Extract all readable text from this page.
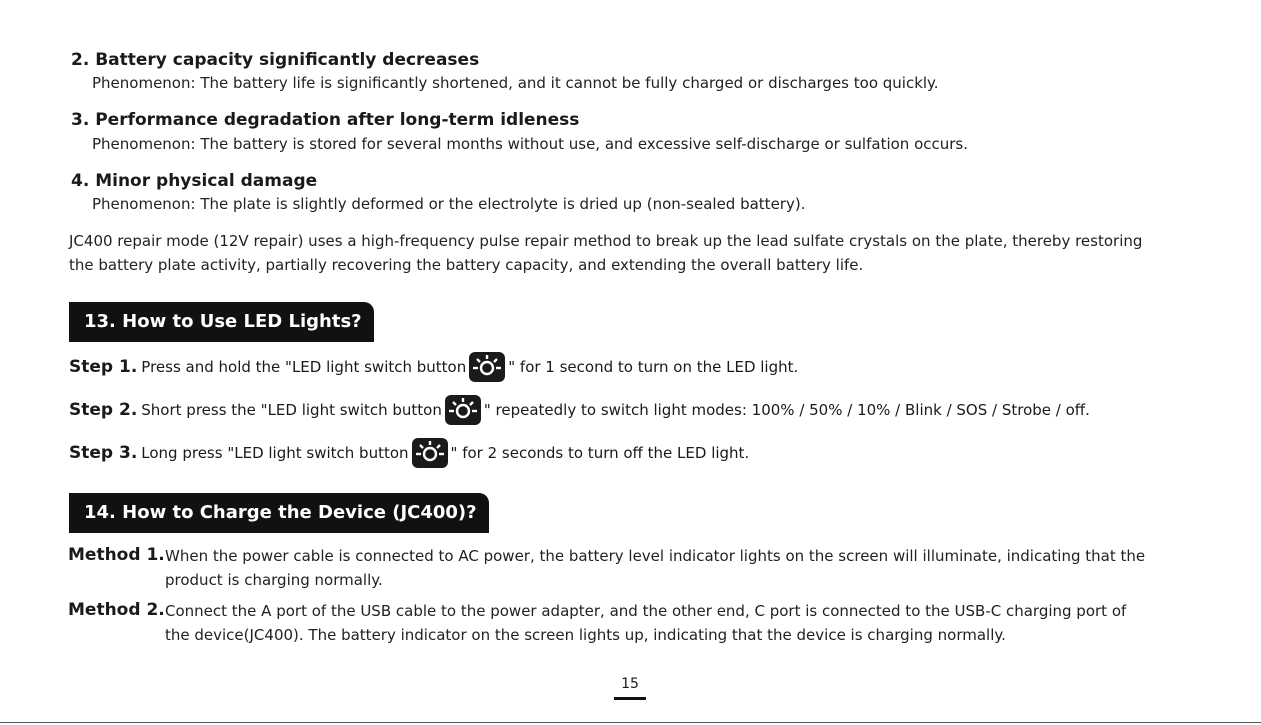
2. Battery capacity significantly decreases
Phenomenon: The battery life is significantly shortened, and it cannot be fully charged or discharges too quickly.
3. Performance degradation after long-term idleness
Phenomenon: The battery is stored for several months without use, and excessive self-discharge or sulfation occurs.
4. Minor physical damage
Phenomenon: The plate is slightly deformed or the electrolyte is dried up (non-sealed battery).
JC400 repair mode (12V repair) uses a high-frequency pulse repair method to break up the lead sulfate crystals on the plate, thereby restoring
the battery plate activity, partially recovering the battery capacity, and extending the overall battery life.
13. How to Use LED Lights?
Step 1. Press and hold the "LED light switch button	" for 1 second to turn on the LED light.
Step 2. Short press the "LED light switch button	" repeatedly to switch light modes: 100% / 50% / 10% / Blink / SOS / Strobe / off.
Step 3. Long press "LED light switch button	" for 2 seconds to turn off the LED light.
14. How to Charge the Device (JC400)?
Method 1. When the power cable is connected to AC power, the battery level indicator lights on the screen will illuminate, indicating that the
product is charging normally.
Method 2. Connect the A port of the USB cable to the power adapter, and the other end, C port is connected to the USB-C charging port of
the device(JC400). The battery indicator on the screen lights up, indicating that the device is charging normally.
15
